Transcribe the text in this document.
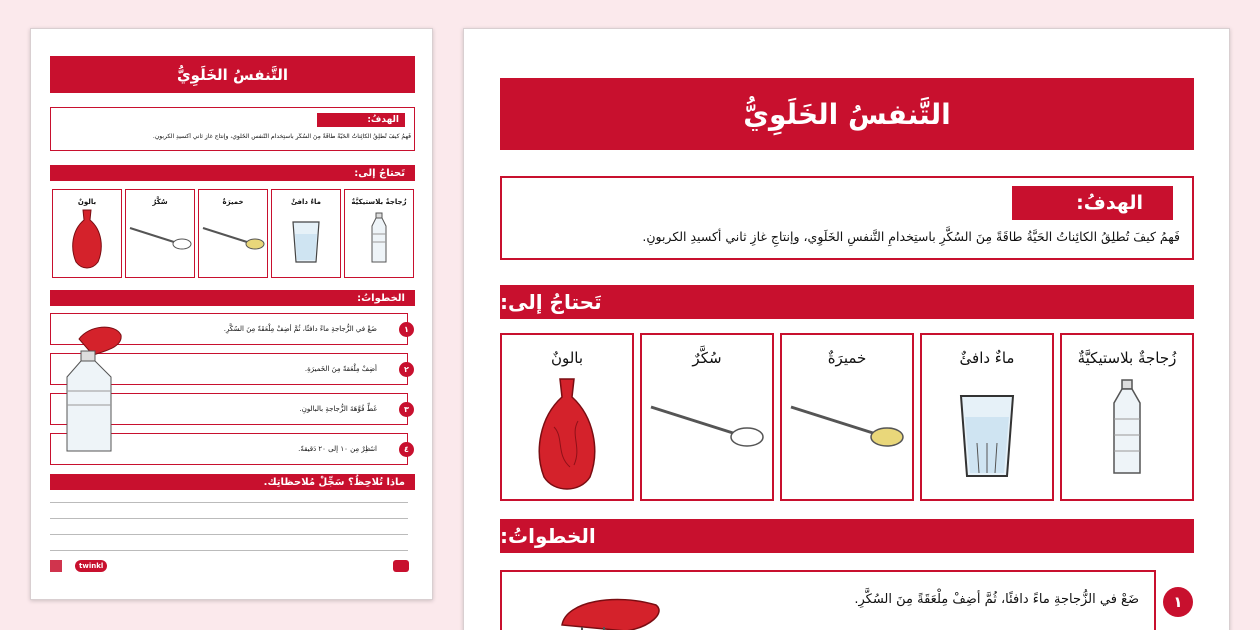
التَّنفسُ الخَلَوِيُّ
الهدفُ:
فَهمُ كيفَ تُطلِقُ الكائِناتُ الحَيَّةُ طاقَةً مِنَ السُكَّرِ باستِخدامِ التَّنفسِ الخَلَوِي، وإنتاجِ غازِ ثاني أكسيدِ الكربونِ.
تَحتاجُ إلى:
زُجاجةٌ بلاستيكيَّةٌ
ماءٌ دافئٌ
خميرَةٌ
سُكَّرٌ
بالونٌ
الخطواتُ:
ضَعْ في الزُّجاجةِ ماءً دافئًا، ثُمَّ أضِفْ مِلْعَقَةً مِنَ السُكَّرِ.	١
أضِفْ مِلْعَقةً مِنَ الخَميرَةِ.	٢
غَطِّ فُوَّهَةَ الزُّجاجةِ بالبالونِ.	٣
انتَظِرْ مِن ١٠ إلى ٢٠ دَقيقةً.	٤
ماذا تُلاحِظُ؟ سَجِّلْ مُلاحظاتِك.
twinkl
التَّنفسُ الخَلَوِيُّ
الهدفُ:
فَهمُ كيفَ تُطلِقُ الكائِناتُ الحَيَّةُ طاقَةً مِنَ السُكَّرِ باستِخدامِ التَّنفسِ الخَلَوِي، وإنتاجِ غازِ ثاني أكسيدِ الكربونِ.
تَحتاجُ إلى:
زُجاجةٌ بلاستيكيَّةٌ
ماءٌ دافئٌ
خميرَةٌ
سُكَّرٌ
بالونٌ
الخطواتُ:
ضَعْ في الزُّجاجةِ ماءً دافئًا، ثُمَّ أضِفْ مِلْعَقَةً مِنَ السُكَّرِ.	١
